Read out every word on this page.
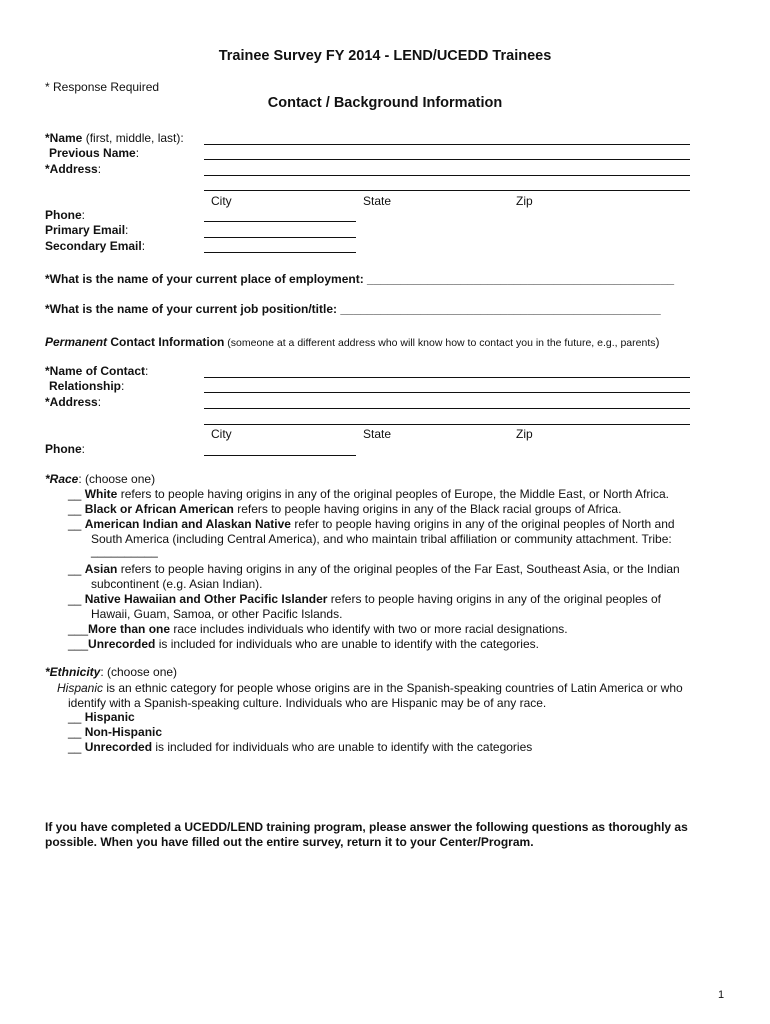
Trainee Survey FY 2014 - LEND/UCEDD Trainees
* Response Required
Contact / Background Information
*Name (first, middle, last):
Previous Name:
*Address:
City	State	Zip
Phone:
Primary Email:
Secondary Email:
*What is the name of your current place of employment: ______________________________________________
*What is the name of your current job position/title: ________________________________________________
Permanent Contact Information (someone at a different address who will know how to contact you in the future, e.g., parents)
*Name of Contact:
Relationship:
*Address:
City	State	Zip
Phone:
*Race: (choose one)
__ White refers to people having origins in any of the original peoples of Europe, the Middle East, or North Africa.
__ Black or African American refers to people having origins in any of the Black racial groups of Africa.
__ American Indian and Alaskan Native refer to people having origins in any of the original peoples of North and
South America (including Central America), and who maintain tribal affiliation or community attachment. Tribe:
__________
__ Asian refers to people having origins in any of the original peoples of the Far East, Southeast Asia, or the Indian
subcontinent (e.g. Asian Indian).
__ Native Hawaiian and Other Pacific Islander refers to people having origins in any of the original peoples of
Hawaii, Guam, Samoa, or other Pacific Islands.
___More than one race includes individuals who identify with two or more racial designations.
___Unrecorded is included for individuals who are unable to identify with the categories.
*Ethnicity: (choose one)
Hispanic is an ethnic category for people whose origins are in the Spanish-speaking countries of Latin America or who
identify with a Spanish-speaking culture. Individuals who are Hispanic may be of any race.
__ Hispanic
__ Non-Hispanic
__ Unrecorded is included for individuals who are unable to identify with the categories
If you have completed a UCEDD/LEND training program, please answer the following questions as thoroughly as
possible. When you have filled out the entire survey, return it to your Center/Program.
1
